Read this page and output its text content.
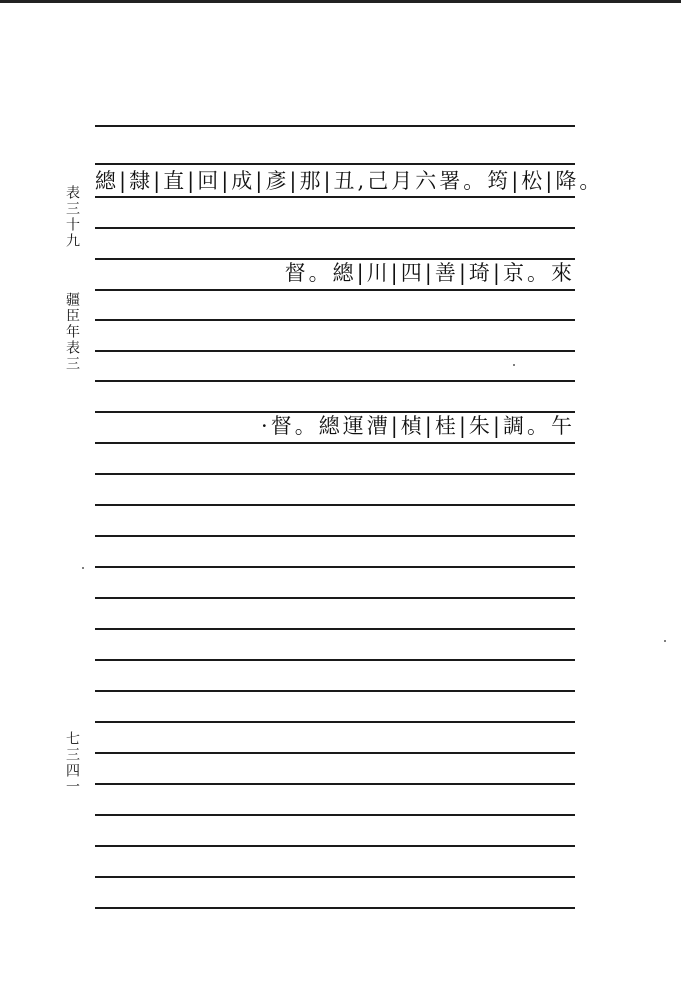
表三十九
疆臣年表三
七三四一
總|隸|直|回|成|彥|那|丑,己月六署。筠|松|降。
督。總|川|四|善|琦|京。來
·督。總運漕|楨|桂|朱|調。午
